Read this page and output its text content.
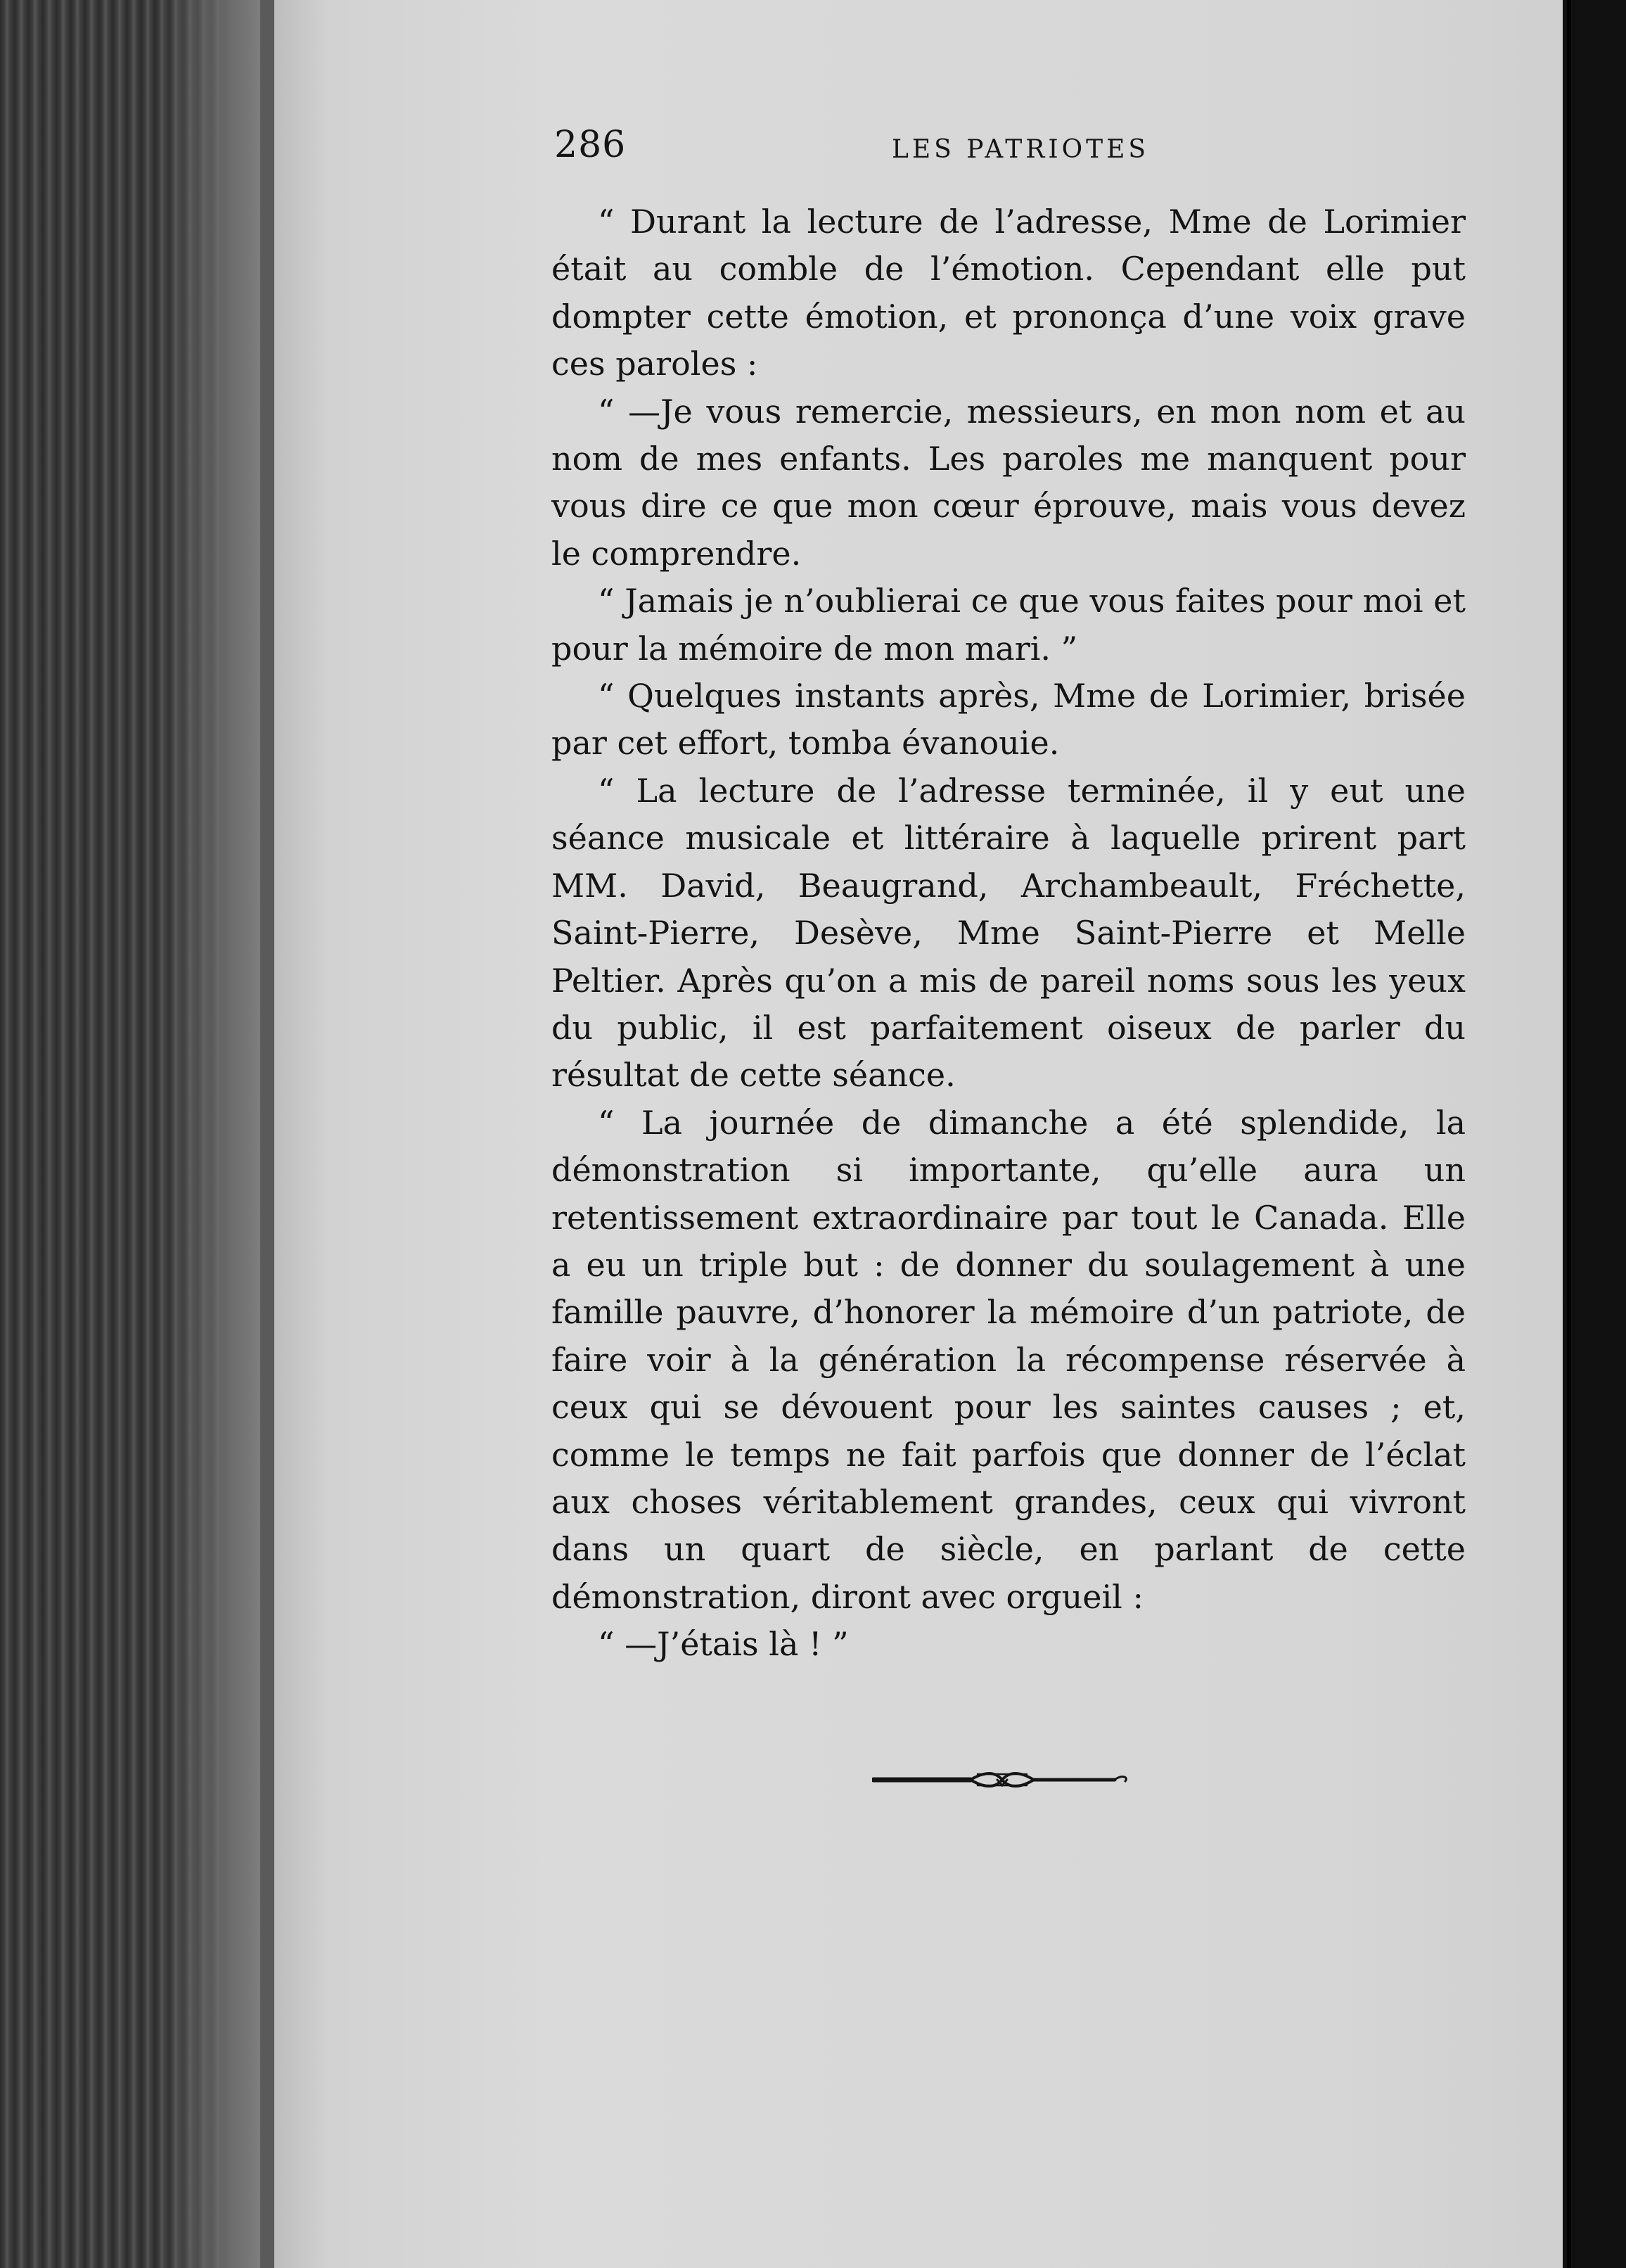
286	LES PATRIOTES

“ Durant la lecture de l’adresse, Mme de Lorimier était au comble de l’émotion. Cependant elle put dompter cette émotion, et prononça d’une voix grave ces paroles :

“ —Je vous remercie, messieurs, en mon nom et au nom de mes enfants. Les paroles me manquent pour vous dire ce que mon cœur éprouve, mais vous devez le comprendre.

“ Jamais je n’oublierai ce que vous faites pour moi et pour la mémoire de mon mari. ”

“ Quelques instants après, Mme de Lorimier, brisée par cet effort, tomba évanouie.

“ La lecture de l’adresse terminée, il y eut une séance musicale et littéraire à laquelle prirent part MM. David, Beaugrand, Archambeault, Fréchette, Saint-Pierre, Desève, Mme Saint-Pierre et Melle Peltier. Après qu’on a mis de pareil noms sous les yeux du public, il est parfaitement oiseux de parler du résultat de cette séance.

“ La journée de dimanche a été splendide, la démonstration si importante, qu’elle aura un retentissement extraordinaire par tout le Canada. Elle a eu un triple but : de donner du soulagement à une famille pauvre, d’honorer la mémoire d’un patriote, de faire voir à la génération la récompense réservée à ceux qui se dévouent pour les saintes causes ; et, comme le temps ne fait parfois que donner de l’éclat aux choses véritablement grandes, ceux qui vivront dans un quart de siècle, en parlant de cette démonstration, diront avec orgueil :

“ —J’étais là ! ”
